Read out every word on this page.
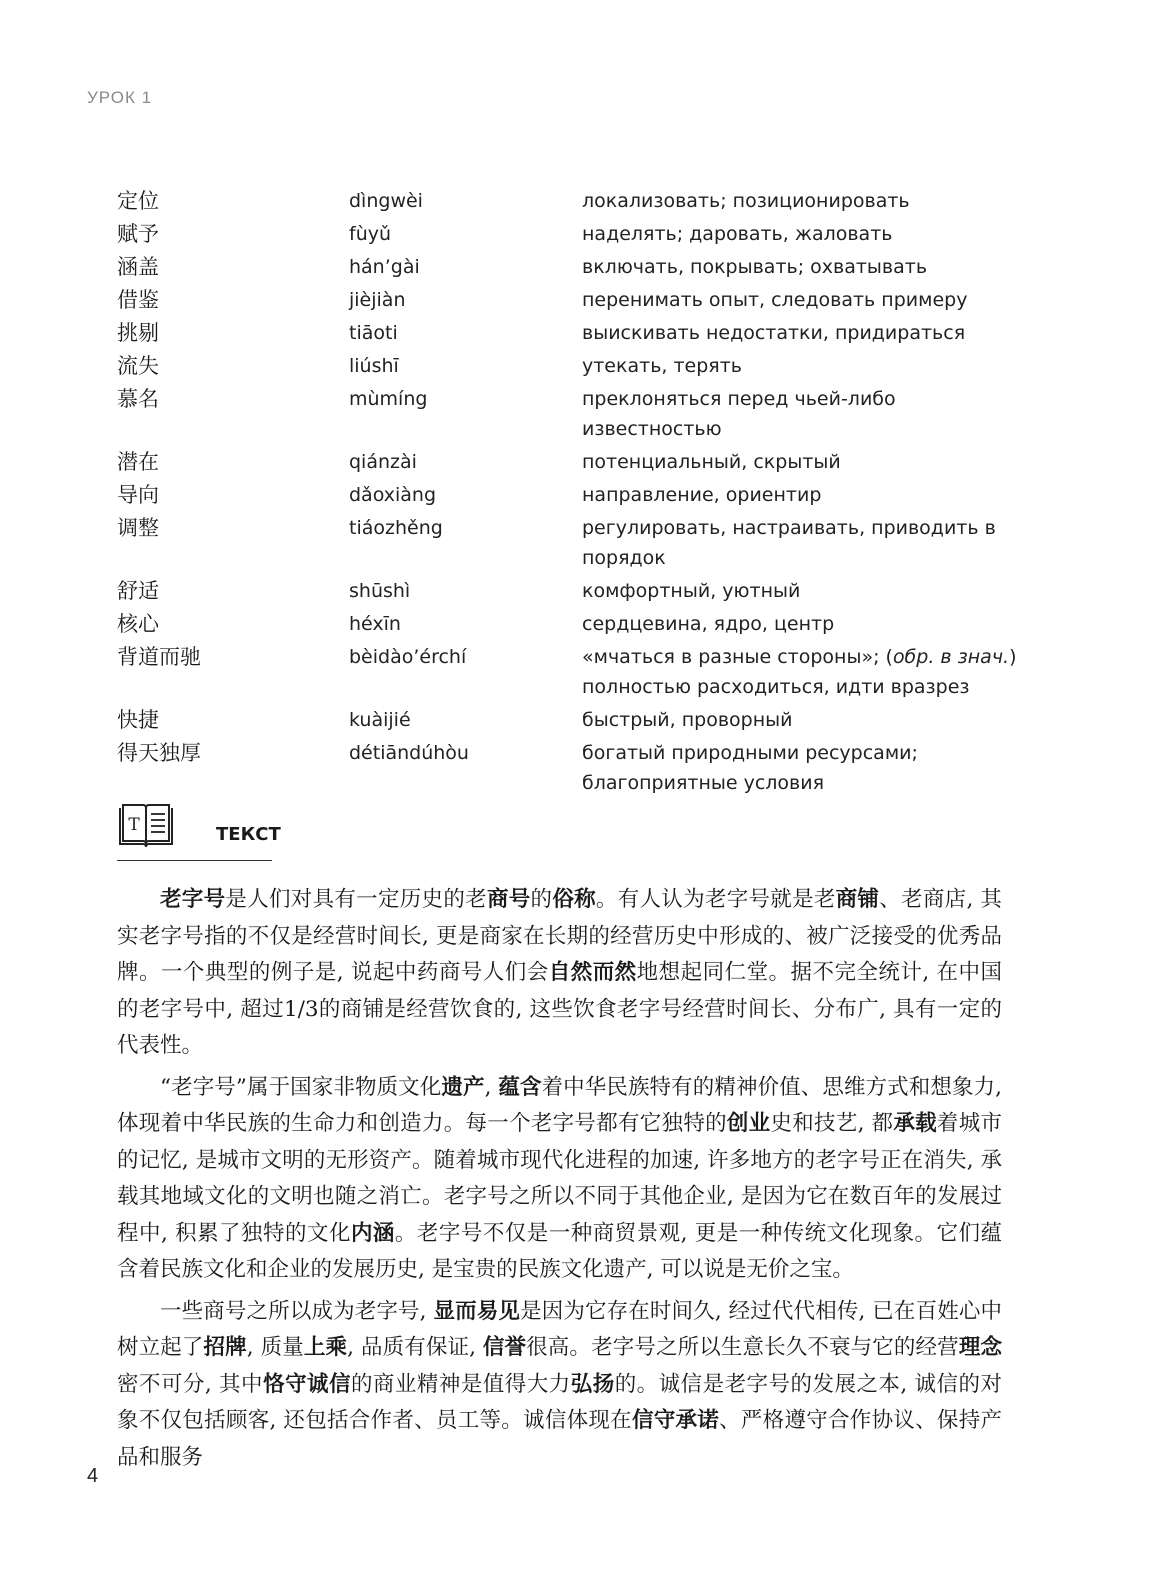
УРОК 1
定位	dìngwèi	локализовать; позиционировать
赋予	fùyǔ	наделять; даровать, жаловать
涵盖	hán’gài	включать, покрывать; охватывать
借鉴	jièjiàn	перенимать опыт, следовать примеру
挑剔	tiāoti	выискивать недостатки, придираться
流失	liúshī	утекать, терять
慕名	mùmíng	преклоняться перед чьей-либо известностью
潜在	qiánzài	потенциальный, скрытый
导向	dǎoxiàng	направление, ориентир
调整	tiáozhěng	регулировать, настраивать, приводить в порядок
舒适	shūshì	комфортный, уютный
核心	héxīn	сердцевина, ядро, центр
背道而驰	bèidào’érchí	«мчаться в разные стороны»; (обр. в знач.) полностью расходиться, идти вразрез
快捷	kuàijié	быстрый, проворный
得天独厚	détiāndúhòu	богатый природными ресурсами; благоприятные условия
T	ТЕКСТ

老字号是人们对具有一定历史的老商号的俗称。有人认为老字号就是老商铺、老商店, 其实老字号指的不仅是经营时间长, 更是商家在长期的经营历史中形成的、被广泛接受的优秀品牌。一个典型的例子是, 说起中药商号人们会自然而然地想起同仁堂。据不完全统计, 在中国的老字号中, 超过1/3的商铺是经营饮食的, 这些饮食老字号经营时间长、分布广, 具有一定的代表性。

“老字号”属于国家非物质文化遗产, 蕴含着中华民族特有的精神价值、思维方式和想象力, 体现着中华民族的生命力和创造力。每一个老字号都有它独特的创业史和技艺, 都承载着城市的记忆, 是城市文明的无形资产。随着城市现代化进程的加速, 许多地方的老字号正在消失, 承载其地域文化的文明也随之消亡。老字号之所以不同于其他企业, 是因为它在数百年的发展过程中, 积累了独特的文化内涵。老字号不仅是一种商贸景观, 更是一种传统文化现象。它们蕴含着民族文化和企业的发展历史, 是宝贵的民族文化遗产, 可以说是无价之宝。

一些商号之所以成为老字号, 显而易见是因为它存在时间久, 经过代代相传, 已在百姓心中树立起了招牌, 质量上乘, 品质有保证, 信誉很高。老字号之所以生意长久不衰与它的经营理念密不可分, 其中恪守诚信的商业精神是值得大力弘扬的。诚信是老字号的发展之本, 诚信的对象不仅包括顾客, 还包括合作者、员工等。诚信体现在信守承诺、严格遵守合作协议、保持产品和服务

4
